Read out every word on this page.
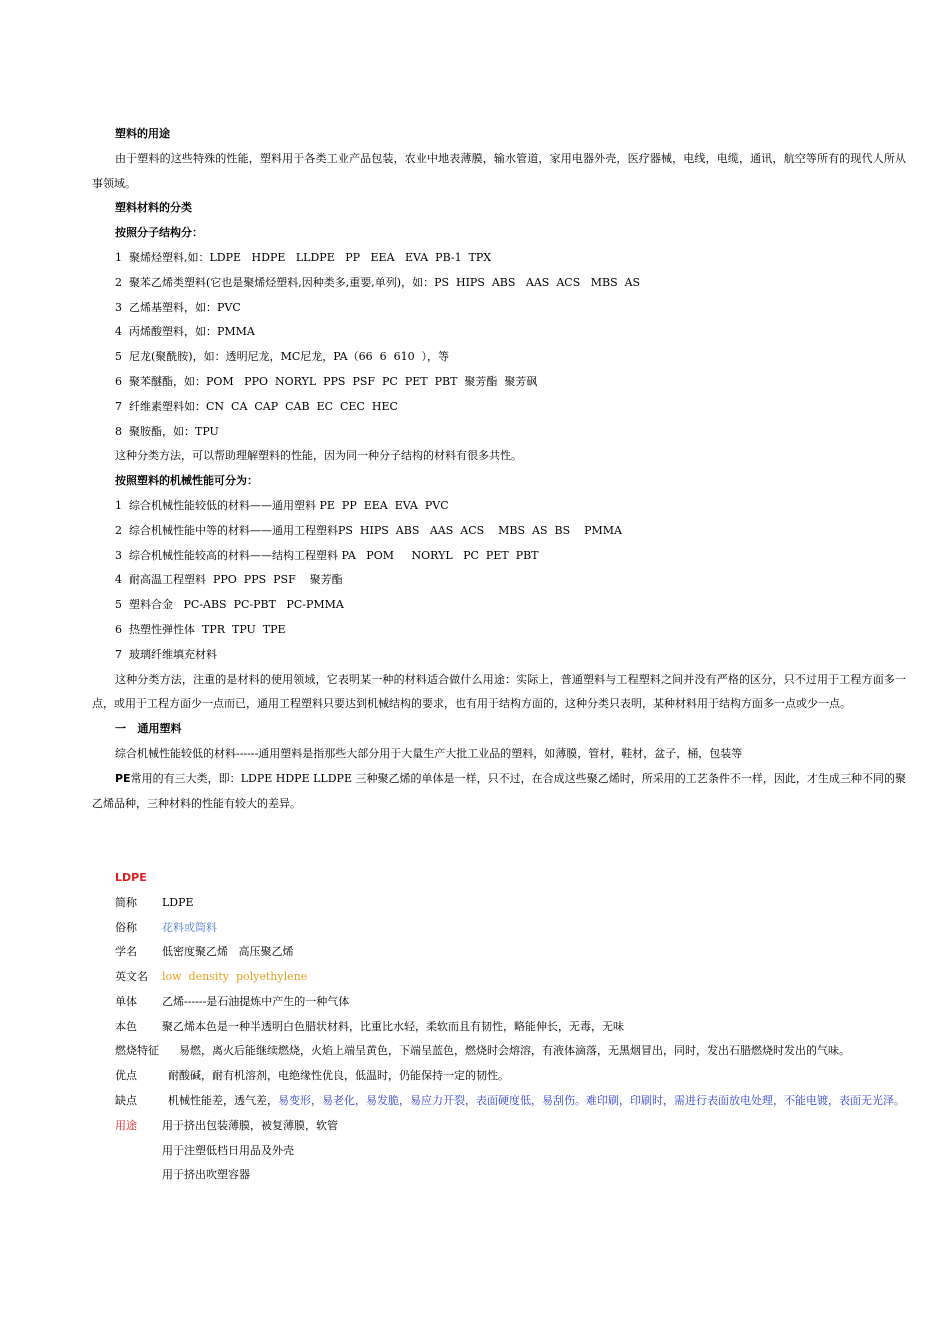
塑料的用途
由于塑料的这些特殊的性能，塑料用于各类工业产品包装，农业中地表薄膜，输水管道，家用电器外壳，医疗器械，电线，电缆，通讯，航空等所有的现代人所从事领域。
塑料材料的分类
按照分子结构分：
1  聚烯烃塑料,如：LDPE   HDPE   LLDPE   PP   EEA   EVA  PB-1  TPX
2  聚苯乙烯类塑料(它也是聚烯烃塑料,因种类多,重要,单列)，如：PS  HIPS  ABS   AAS  ACS   MBS  AS
3  乙烯基塑料，如：PVC
4  丙烯酸塑料，如：PMMA
5  尼龙(聚酰胺)，如：透明尼龙，MC尼龙，PA（66  6  610  ），等
6  聚苯醚酯，如：POM   PPO  NORYL  PPS  PSF  PC  PET  PBT  聚芳酯  聚芳砜
7  纤维素塑料如：CN  CA  CAP  CAB  EC  CEC  HEC
8  聚胺酯，如：TPU
这种分类方法，可以帮助理解塑料的性能，因为同一种分子结构的材料有很多共性。
按照塑料的机械性能可分为：
1  综合机械性能较低的材料——通用塑料 PE  PP  EEA  EVA  PVC
2  综合机械性能中等的材料——通用工程塑料PS  HIPS  ABS   AAS  ACS    MBS  AS  BS    PMMA
3  综合机械性能较高的材料——结构工程塑料 PA   POM     NORYL   PC  PET  PBT
4  耐高温工程塑料  PPO  PPS  PSF    聚芳酯
5  塑料合金   PC-ABS  PC-PBT   PC-PMMA
6  热塑性弹性体  TPR  TPU  TPE
7  玻璃纤维填充材料
这种分类方法，注重的是材料的使用领域，它表明某一种的材料适合做什么用途：实际上，普通塑料与工程塑料之间并没有严格的区分，只不过用于工程方面多一点，或用于工程方面少一点而已，通用工程塑料只要达到机械结构的要求，也有用于结构方面的，这种分类只表明，某种材料用于结构方面多一点或少一点。
一   通用塑料
综合机械性能较低的材料------通用塑料是指那些大部分用于大量生产大批工业品的塑料，如薄膜，管材，鞋材，盆子，桶，包装等
PE常用的有三大类，即：LDPE HDPE LLDPE 三种聚乙烯的单体是一样，只不过，在合成这些聚乙烯时，所采用的工艺条件不一样，因此，才生成三种不同的聚乙烯品种，三种材料的性能有较大的差异。
LDPE
简称 LDPE
俗称 花料或筒料
学名 低密度聚乙烯   高压聚乙烯
英文名 low  density  polyethylene
单体 乙烯------是石油提炼中产生的一种气体
本色 聚乙烯本色是一种半透明白色腊状材料，比重比水轻，柔软而且有韧性，略能伸长，无毒，无味
燃烧特征 易燃，离火后能继续燃烧，火焰上端呈黄色，下端呈蓝色，燃烧时会熔溶，有液体滴落，无黑烟冒出，同时，发出石腊燃烧时发出的气味。
优点	耐酸碱，耐有机溶剂，电绝缘性优良，低温时，仍能保持一定的韧性。
缺点	机械性能差，透气差，易变形，易老化，易发脆，易应力开裂，表面硬度低，易刮伤。难印刷，印刷时，需进行表面放电处理，不能电镀，表面无光泽。
用途 用于挤出包装薄膜，被复薄膜，软管
用于注塑低档日用品及外壳
用于挤出吹塑容器
